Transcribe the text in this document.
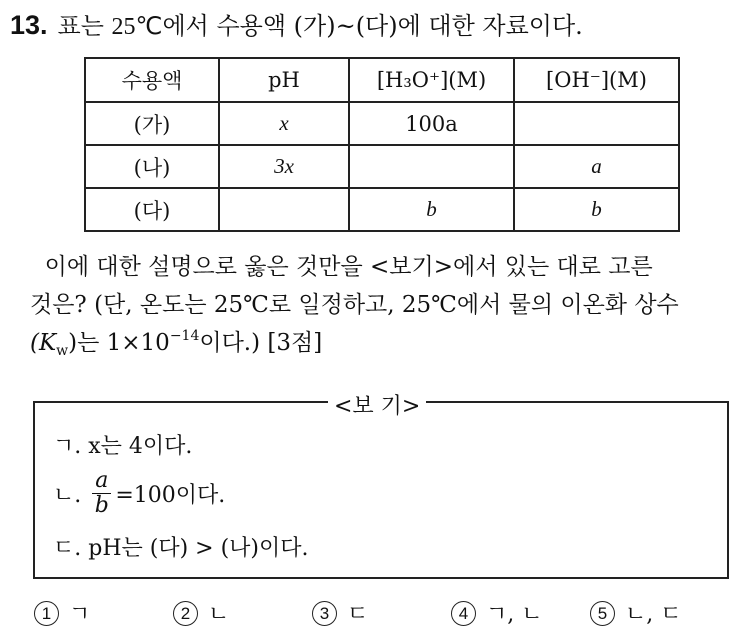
13. 표는 25℃에서 수용액 (가)~(다)에 대한 자료이다.
수용액	pH	[H₃O⁺](M)	[OH⁻](M)
(가)	x	100a	
(나)	3x		a
(다)		b	b
이에 대한 설명으로 옳은 것만을 <보기>에서 있는 대로 고른
것은? (단, 온도는 25℃로 일정하고, 25℃에서 물의 이온화 상수
$(K_w)$는 $1\times 10^{-14}$이다.) [3점]
<보 기>
ㄱ. x는 4이다.
ㄴ. $\frac{a}{b} =100$이다.
ㄷ. pH는 (다) > (나)이다.
1 ㄱ	2 ㄴ	3 ㄷ	4 ㄱ, ㄴ	5 ㄴ, ㄷ
